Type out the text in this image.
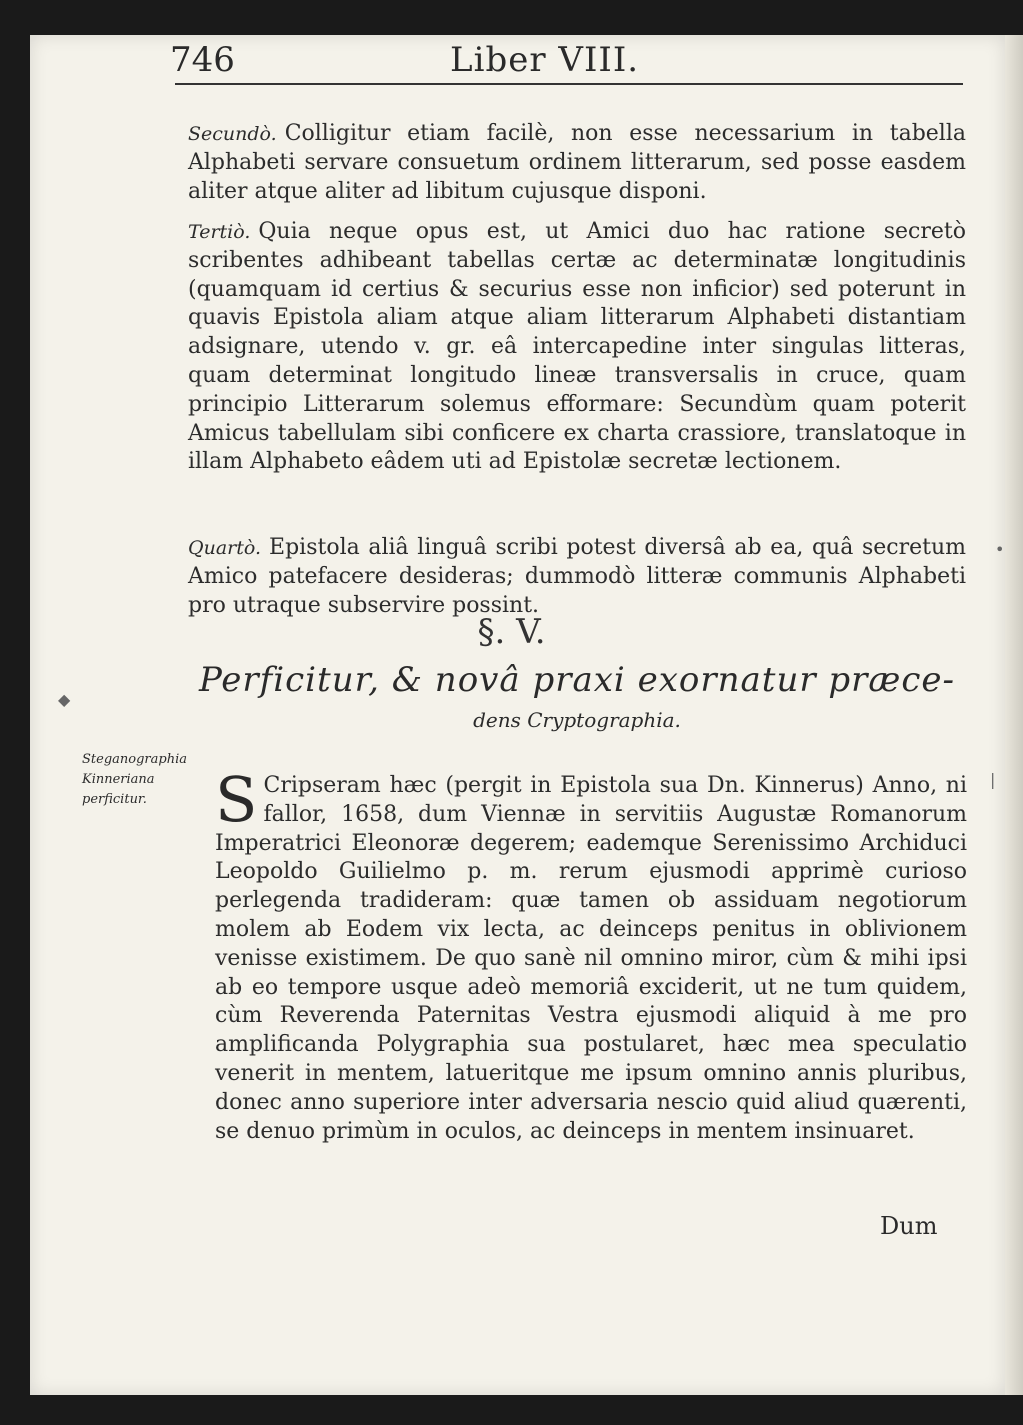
746	Liber VIII.
Secundò. Colligitur etiam facilè, non esse necessarium in tabella Alphabeti servare consuetum ordinem litterarum, sed posse easdem aliter atque aliter ad libitum cujusque disponi.
Tertiò. Quia neque opus est, ut Amici duo hac ratione secretò scribentes adhibeant tabellas certæ ac determinatæ longitudinis (quamquam id certius & securius esse non inficior) sed poterunt in quavis Epistola aliam atque aliam litterarum Alphabeti distantiam adsignare, utendo v. gr. eâ intercapedine inter singulas litteras, quam determinat longitudo lineæ transversalis in cruce, quam principio Litterarum solemus efformare: Secundùm quam poterit Amicus tabellulam sibi conficere ex charta crassiore, translatoque in illam Alphabeto eâdem uti ad Epistolæ secretæ lectionem.
Quartò. Epistola aliâ linguâ scribi potest diversâ ab ea, quâ secretum Amico patefacere desideras; dummodò litteræ communis Alphabeti pro utraque subservire possint.
§. V.
Perficitur, & novâ praxi exornatur præce-
dens Cryptographia.
Steganographia Kinneriana perficitur.	S Cripseram hæc (pergit in Epistola sua Dn. Kinnerus) Anno, ni fallor, 1658, dum Viennæ in servitiis Augustæ Romanorum Imperatrici Eleonoræ degerem; eademque Serenissimo Archiduci Leopoldo Guilielmo p. m. rerum ejusmodi apprimè curioso perlegenda tradideram: quæ tamen ob assiduam negotiorum molem ab Eodem vix lecta, ac deinceps penitus in oblivionem venisse existimem. De quo sanè nil omnino miror, cùm & mihi ipsi ab eo tempore usque adeò memoriâ exciderit, ut ne tum quidem, cùm Reverenda Paternitas Vestra ejusmodi aliquid à me pro amplificanda Polygraphia sua postularet, hæc mea speculatio venerit in mentem, latueritque me ipsum omnino annis pluribus, donec anno superiore inter adversaria nescio quid aliud quærenti, se denuo primùm in oculos, ac deinceps in mentem insinuaret.
Dum
◆
•
|
